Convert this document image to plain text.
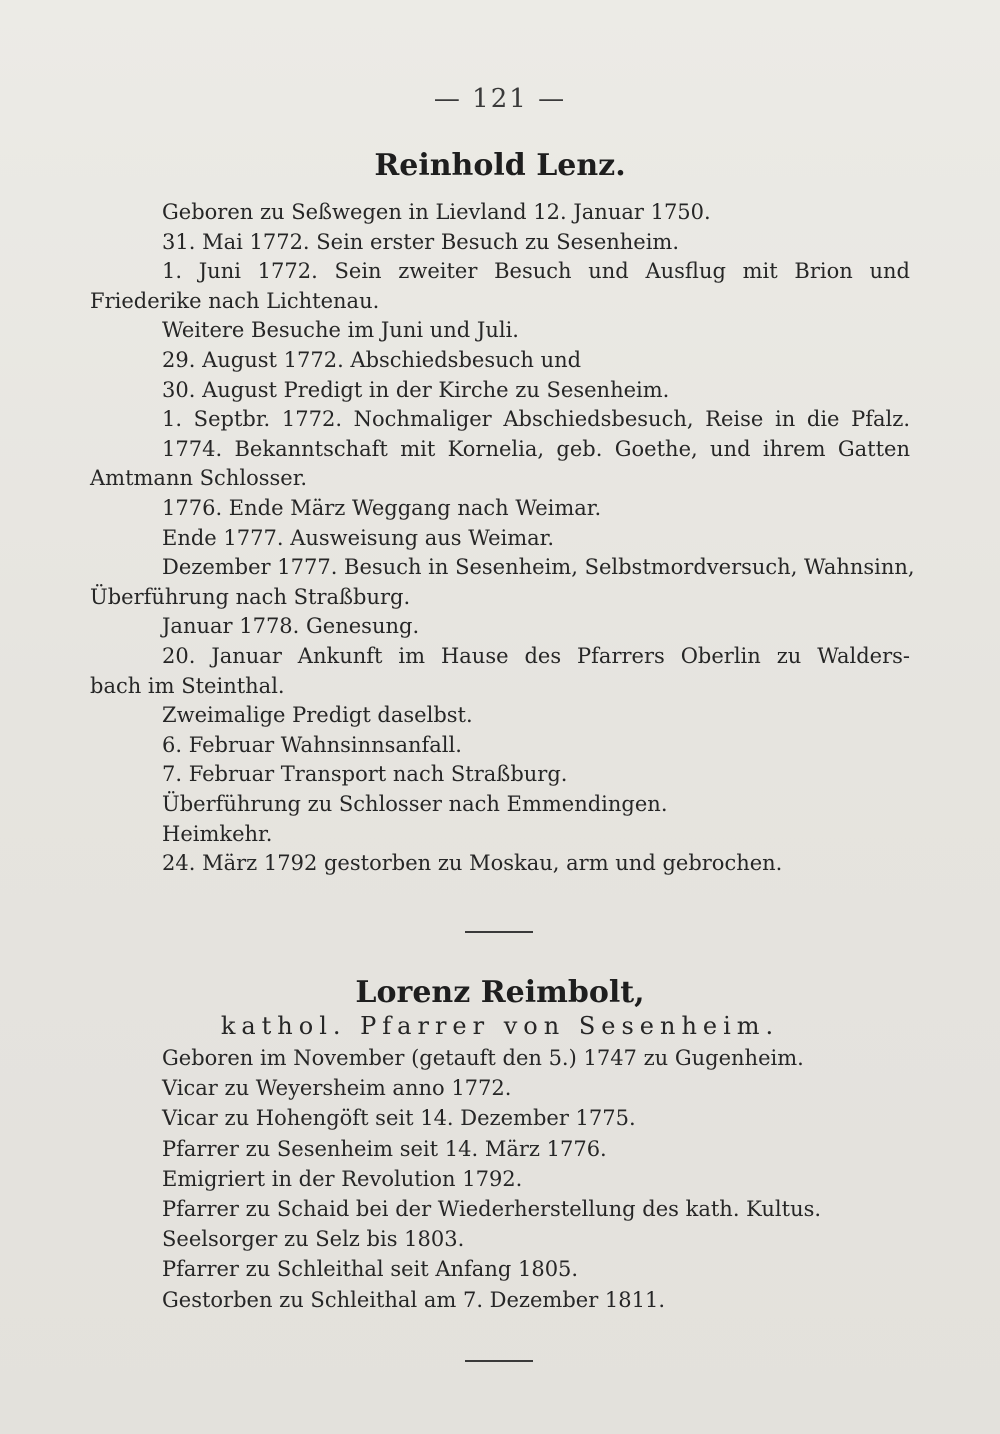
— 121 —
Reinhold Lenz.
Geboren zu Seßwegen in Lievland 12. Januar 1750.
31. Mai 1772. Sein erster Besuch zu Sesenheim.
1. Juni 1772. Sein zweiter Besuch und Ausflug mit Brion und
Friederike nach Lichtenau.
Weitere Besuche im Juni und Juli.
29. August 1772. Abschiedsbesuch und
30. August Predigt in der Kirche zu Sesenheim.
1. Septbr. 1772. Nochmaliger Abschiedsbesuch, Reise in die Pfalz.
1774. Bekanntschaft mit Kornelia, geb. Goethe, und ihrem Gatten
Amtmann Schlosser.
1776. Ende März Weggang nach Weimar.
Ende 1777. Ausweisung aus Weimar.
Dezember 1777. Besuch in Sesenheim, Selbstmordversuch, Wahnsinn,
Überführung nach Straßburg.
Januar 1778. Genesung.
20. Januar Ankunft im Hause des Pfarrers Oberlin zu Walders-
bach im Steinthal.
Zweimalige Predigt daselbst.
6. Februar Wahnsinnsanfall.
7. Februar Transport nach Straßburg.
Überführung zu Schlosser nach Emmendingen.
Heimkehr.
24. März 1792 gestorben zu Moskau, arm und gebrochen.
Lorenz Reimbolt,
kathol. Pfarrer von Sesenheim.
Geboren im November (getauft den 5.) 1747 zu Gugenheim.
Vicar zu Weyersheim anno 1772.
Vicar zu Hohengöft seit 14. Dezember 1775.
Pfarrer zu Sesenheim seit 14. März 1776.
Emigriert in der Revolution 1792.
Pfarrer zu Schaid bei der Wiederherstellung des kath. Kultus.
Seelsorger zu Selz bis 1803.
Pfarrer zu Schleithal seit Anfang 1805.
Gestorben zu Schleithal am 7. Dezember 1811.
